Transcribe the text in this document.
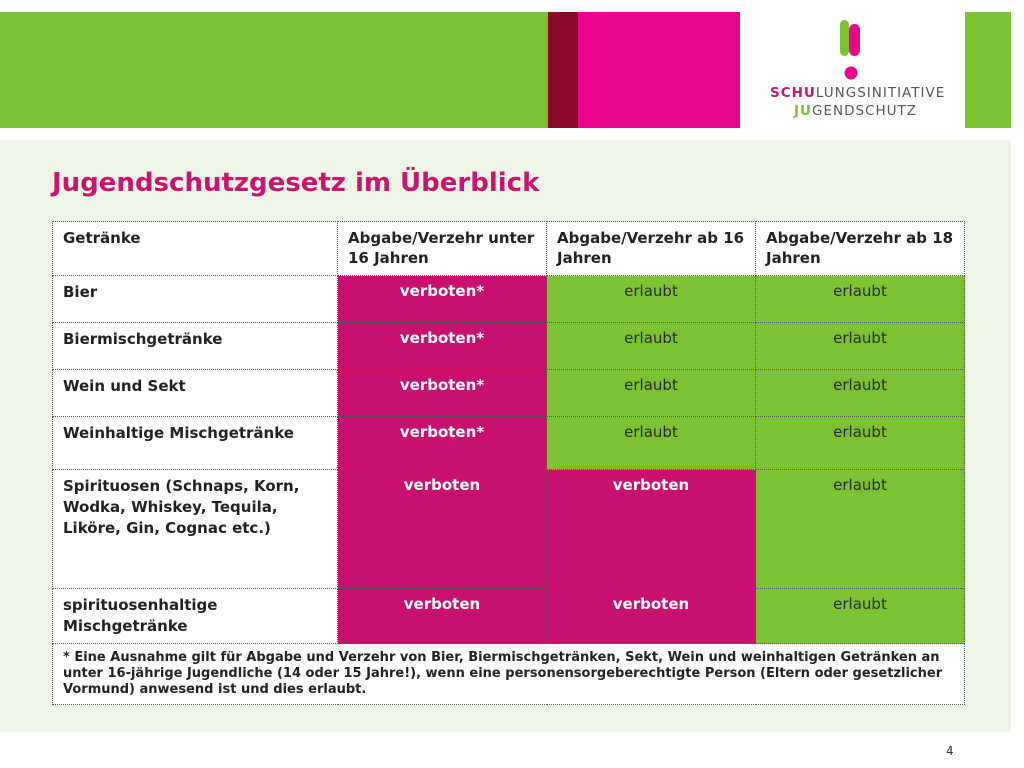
SCHULUNGSINITIATIVE
JUGENDSCHUTZ
Jugendschutzgesetz im Überblick
Getränke	Abgabe/Verzehr unter 16 Jahren	Abgabe/Verzehr ab 16 Jahren	Abgabe/Verzehr ab 18 Jahren
Bier	verboten*	erlaubt	erlaubt
Biermischgetränke	verboten*	erlaubt	erlaubt
Wein und Sekt	verboten*	erlaubt	erlaubt
Weinhaltige Mischgetränke	verboten*	erlaubt	erlaubt
Spirituosen (Schnaps, Korn, Wodka, Whiskey, Tequila, Liköre, Gin, Cognac etc.)	verboten	verboten	erlaubt
spirituosenhaltige Mischgetränke	verboten	verboten	erlaubt
* Eine Ausnahme gilt für Abgabe und Verzehr von Bier, Biermischgetränken, Sekt, Wein und weinhaltigen Getränken an unter 16-jährige Jugendliche (14 oder 15 Jahre!), wenn eine personensorgeberechtigte Person (Eltern oder gesetzlicher Vormund) anwesend ist und dies erlaubt.			
4
